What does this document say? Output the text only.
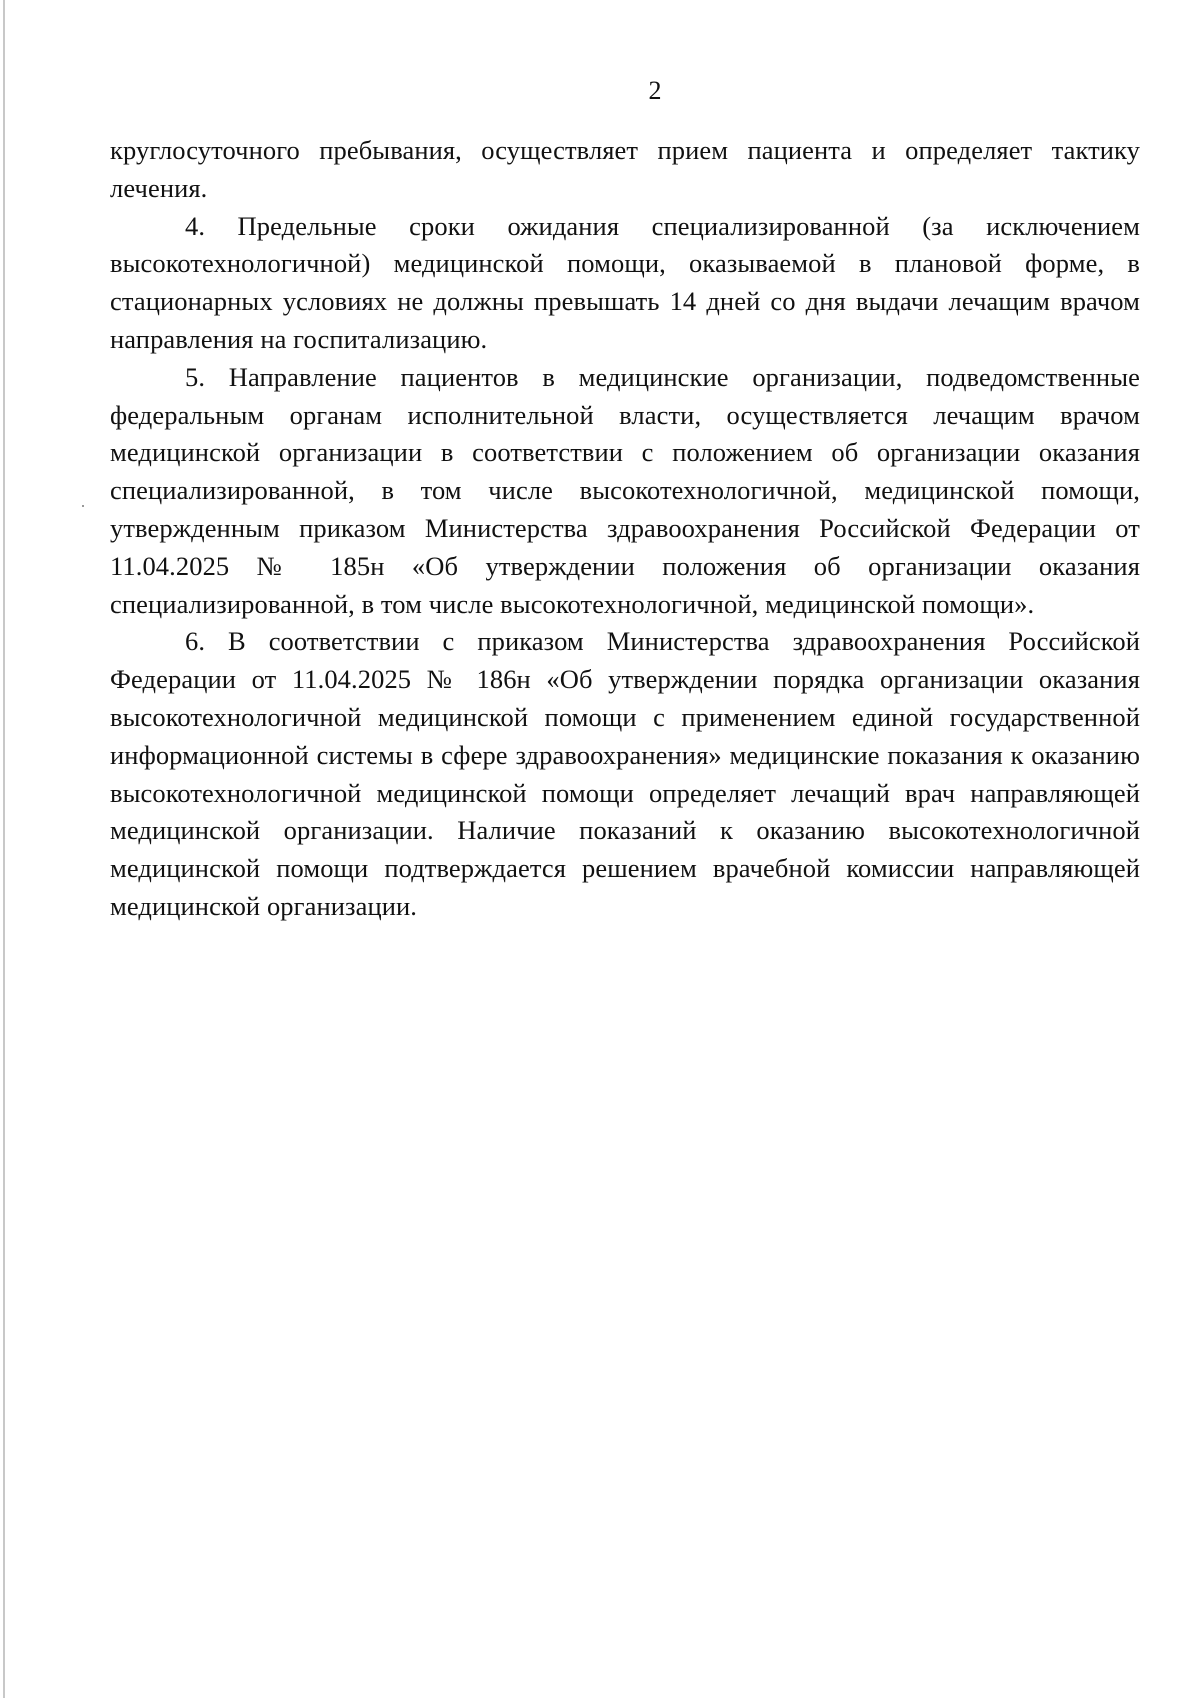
2

круглосуточного пребывания, осуществляет прием пациента и определяет тактику лечения.

4. Предельные сроки ожидания специализированной (за исключением высокотехнологичной) медицинской помощи, оказываемой в плановой форме, в стационарных условиях не должны превышать 14 дней со дня выдачи лечащим врачом направления на госпитализацию.

5. Направление пациентов в медицинские организации, подведомственные федеральным органам исполнительной власти, осуществляется лечащим врачом медицинской организации в соответствии с положением об организации оказания специализированной, в том числе высокотехнологичной, медицинской помощи, утвержденным приказом Министерства здравоохранения Российской Федерации от 11.04.2025 № 185н «Об утверждении положения об организации оказания специализированной, в том числе высокотехнологичной, медицинской помощи».

6. В соответствии с приказом Министерства здравоохранения Российской Федерации от 11.04.2025 № 186н «Об утверждении порядка организации оказания высокотехнологичной медицинской помощи с применением единой государственной информационной системы в сфере здравоохранения» медицинские показания к оказанию высокотехнологичной медицинской помощи определяет лечащий врач направляющей медицинской организации. Наличие показаний к оказанию высокотехнологичной медицинской помощи подтверждается решением врачебной комиссии направляющей медицинской организации.
